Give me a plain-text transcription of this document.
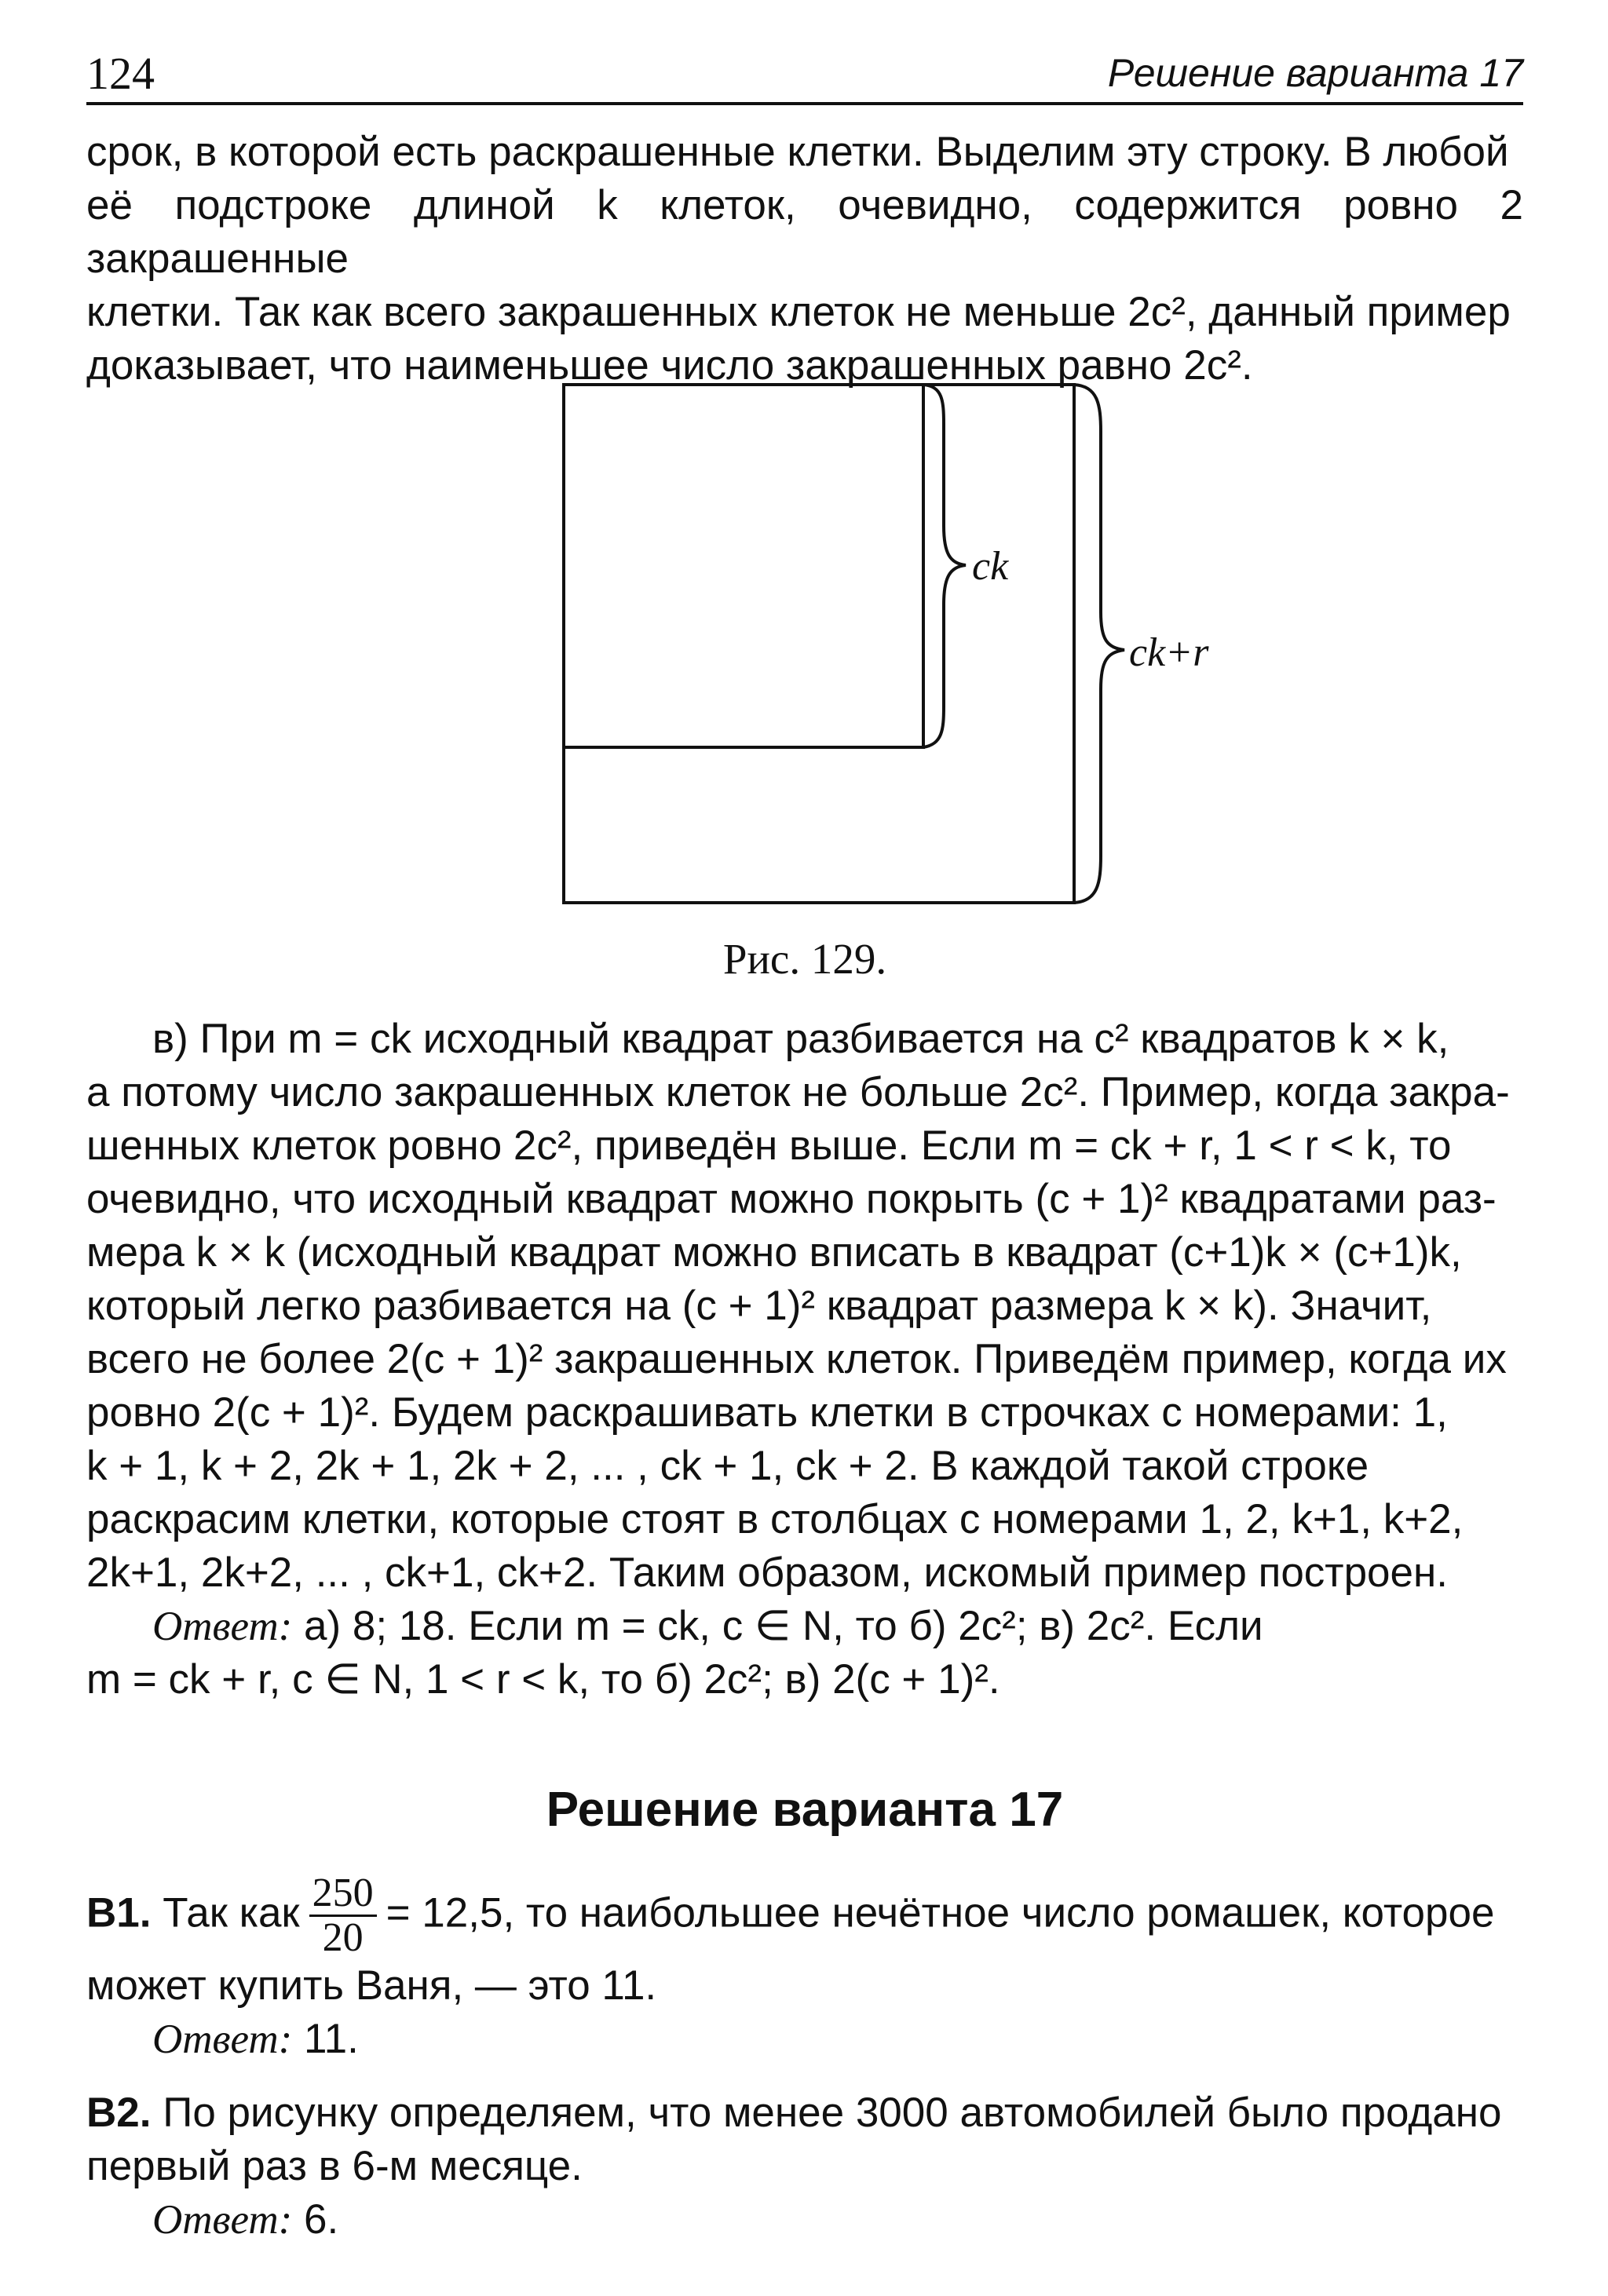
124	Решение варианта 17

срок, в которой есть раскрашенные клетки. Выделим эту строку. В любой

её подстроке длиной k клеток, очевидно, содержится ровно 2 закрашенные

клетки. Так как всего закрашенных клеток не меньше 2c², данный пример

доказывает, что наименьшее число закрашенных равно 2c².

ck
ck+r
Рис. 129.

в) При m = ck исходный квадрат разбивается на c² квадратов k × k,

а потому число закрашенных клеток не больше 2c². Пример, когда закра-

шенных клеток ровно 2c², приведён выше. Если m = ck + r, 1 < r < k, то

очевидно, что исходный квадрат можно покрыть (c + 1)² квадратами раз-

мера k × k (исходный квадрат можно вписать в квадрат (c+1)k × (c+1)k,

который легко разбивается на (c + 1)² квадрат размера k × k). Значит,

всего не более 2(c + 1)² закрашенных клеток. Приведём пример, когда их

ровно 2(c + 1)². Будем раскрашивать клетки в строчках с номерами: 1,

k + 1, k + 2, 2k + 1, 2k + 2, ... , ck + 1, ck + 2. В каждой такой строке

раскрасим клетки, которые стоят в столбцах с номерами 1, 2, k+1, k+2,

2k+1, 2k+2, ... , ck+1, ck+2. Таким образом, искомый пример построен.

Ответ: а) 8; 18. Если m = ck, c ∈ N, то б) 2c²; в) 2c². Если

m = ck + r, c ∈ N, 1 < r < k, то б) 2c²; в) 2(c + 1)².

Решение варианта 17

B1. Так как $\frac{250}{20} = 12,5$, то наибольшее нечётное число ромашек, которое

может купить Ваня, — это 11.

Ответ: 11.

B2. По рисунку определяем, что менее 3000 автомобилей было продано

первый раз в 6-м месяце.

Ответ: 6.
